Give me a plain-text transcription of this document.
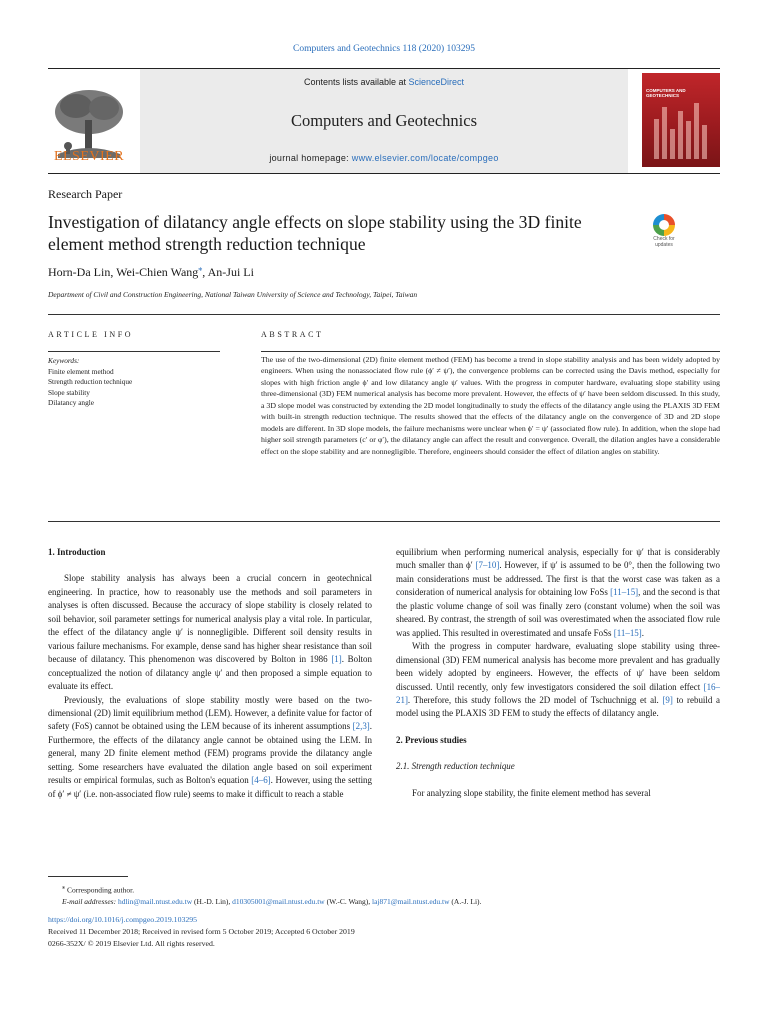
Computers and Geotechnics 118 (2020) 103295
ELSEVIER
Contents lists available at ScienceDirect
Computers and Geotechnics
journal homepage: www.elsevier.com/locate/compgeo
COMPUTERS AND GEOTECHNICS
Research Paper
Investigation of dilatancy angle effects on slope stability using the 3D finite element method strength reduction technique	Check for updates
Horn-Da Lin, Wei-Chien Wang⁎, An-Jui Li
Department of Civil and Construction Engineering, National Taiwan University of Science and Technology, Taipei, Taiwan
ARTICLE INFO	ABSTRACT
Keywords:
Finite element method
Strength reduction technique
Slope stability
Dilatancy angle
The use of the two-dimensional (2D) finite element method (FEM) has become a trend in slope stability analysis and has been widely adopted by engineers. When using the nonassociated flow rule (ϕ′ ≠ ψ′), the convergence problems can be corrected using the Davis method, especially for slopes with high friction angle ϕ′ and low dilatancy angle ψ′ values. With the progress in computer hardware, evaluating slope stability using three-dimensional (3D) FEM numerical analysis has become more prevalent. However, the effects of ψ′ have been seldom discussed. In this study, a 3D slope model was constructed by extending the 2D model longitudinally to study the effects of the dilatancy angle using the PLAXIS 3D FEM with built-in strength reduction technique. The results showed that the effects of the dilatancy angle on the convergence of 3D and 2D slope models are different. In 3D slope models, the failure mechanisms were unclear when ϕ′ = ψ′ (associated flow rule). In addition, when the slope had higher soil strength parameters (c′ or φ′), the dilatancy angle can affect the result and convergence. Overall, the dilation angles have a considerable effect on the slope stability and are nonnegligible. Therefore, engineers should consider the effect of dilation angles on stability.
1. Introduction
Slope stability analysis has always been a crucial concern in geotechnical engineering. In practice, how to reasonably use the methods and soil parameters in analyses is often discussed. Because the accuracy of slope stability is closely related to soil behavior, soil parameter settings for numerical analysis play a vital role. In particular, the effect of the dilatancy angle ψ′ is nonnegligible. Different soil density results in various failure mechanisms. For example, dense sand has higher shear resistance than soil because of dilatancy. This phenomenon was discovered by Bolton in 1986 [1]. Bolton conceptualized the notion of dilatancy angle ψ′ and then proposed a simple equation to evaluate its effect.
Previously, the evaluations of slope stability mostly were based on the two-dimensional (2D) limit equilibrium method (LEM). However, a definite value for factor of safety (FoS) cannot be obtained using the LEM because of its inherent assumptions [2,3]. Furthermore, the effects of the dilatancy angle cannot be obtained using the LEM. In general, many 2D finite element method (FEM) programs provide the dilatancy angle setting. Some researchers have evaluated the dilation angle based on soil experiment results or empirical formulas, such as Bolton's equation [4–6]. However, using the setting of ϕ′ ≠ ψ′ (i.e. non-associated flow rule) seems to make it difficult to reach a stable
equilibrium when performing numerical analysis, especially for ψ′ that is considerably much smaller than ϕ′ [7–10]. However, if ψ′ is assumed to be 0°, then the following two main considerations must be addressed. The first is that the worst case was taken as a consideration of numerical analysis for obtaining low FoSs [11–15], and the second is that the plastic volume change of soil was finally zero (constant volume) when the soil was sheared. By contrast, the strength of soil was overestimated when the associated flow rule was applied. This resulted in overestimated and unsafe FoSs [11–15].
With the progress in computer hardware, evaluating slope stability using three-dimensional (3D) FEM numerical analysis has become more prevalent and has gradually been widely adopted by engineers. However, the effects of ψ′ have been seldom discussed. Until recently, only few investigators considered the soil dilation effect [16–21]. Therefore, this study follows the 2D model of Tschuchnigg et al. [9] to rebuild a model using the PLAXIS 3D FEM to study the effects of dilatancy angle.
2. Previous studies
2.1. Strength reduction technique
For analyzing slope stability, the finite element method has several
⁎ Corresponding author.
E-mail addresses: hdlin@mail.ntust.edu.tw (H.-D. Lin), d10305001@mail.ntust.edu.tw (W.-C. Wang), laj871@mail.ntust.edu.tw (A.-J. Li).
https://doi.org/10.1016/j.compgeo.2019.103295
Received 11 December 2018; Received in revised form 5 October 2019; Accepted 6 October 2019
0266-352X/ © 2019 Elsevier Ltd. All rights reserved.
